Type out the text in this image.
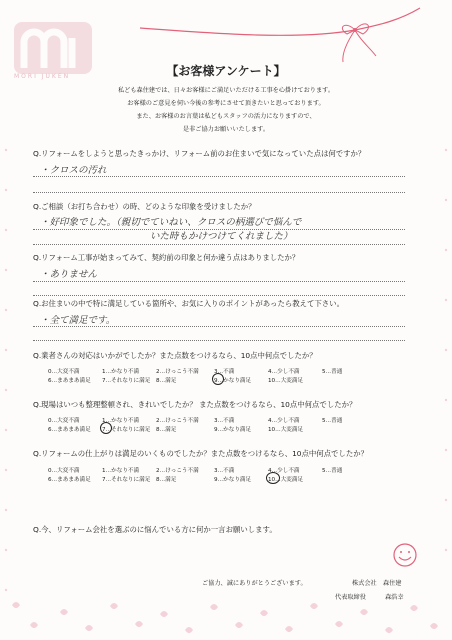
MORI JUKEN	【お客様アンケート】
私ども森住建では、日々お客様にご満足いただける工事を心掛けております。
お客様のご意見を伺い今後の参考にさせて頂きたいと思っております。
また、お客様のお言葉は私どもスタッフの活力になりますので、
是非ご協力お願いいたします。
Q.リフォームをしようと思ったきっかけ、リフォーム前のお住まいで気になっていた点は何ですか？
・クロスの汚れ
Q.ご相談（お打ち合わせ）の時、どのような印象を受けましたか？
・好印象でした。（親切でていねい、クロスの柄選びで悩んで
いた時もかけつけてくれました）
Q.リフォーム工事が始まってみて、契約前の印象と何か違う点はありましたか？
・ありません
Q.お住まいの中で特に満足している箇所や、お気に入りのポイントがあったら教えて下さい。
・全て満足です。
Q.業者さんの対応はいかがでしたか？また点数をつけるなら、10点中何点でしたか？
0…大変不満	1…かなり不満	2…けっこう不満	3…不満	4…少し不満	5…普通
6…まあまあ満足 7…それなりに満足 8…満足	9…かなり満足	10…大変満足
Q.現場はいつも整理整頓され、きれいでしたか？ また点数をつけるなら、10点中何点でしたか？
0…大変不満	1…かなり不満	2…けっこう不満	3…不満	4…少し不満	5…普通
6…まあまあ満足 7…それなりに満足 8…満足	9…かなり満足	10…大変満足
Q.リフォームの仕上がりは満足のいくものでしたか？また点数をつけるなら、10点中何点でしたか？
0…大変不満	1…かなり不満	2…けっこう不満	3…不満	4…少し不満	5…普通
6…まあまあ満足 7…それなりに満足 8…満足	9…かなり満足	10…大変満足
Q.今、リフォーム会社を選ぶのに悩んでいる方に何か一言お願いします。
ご協力、誠にありがとうございます。	株式会社　森住建
代表取締役	森浩幸
